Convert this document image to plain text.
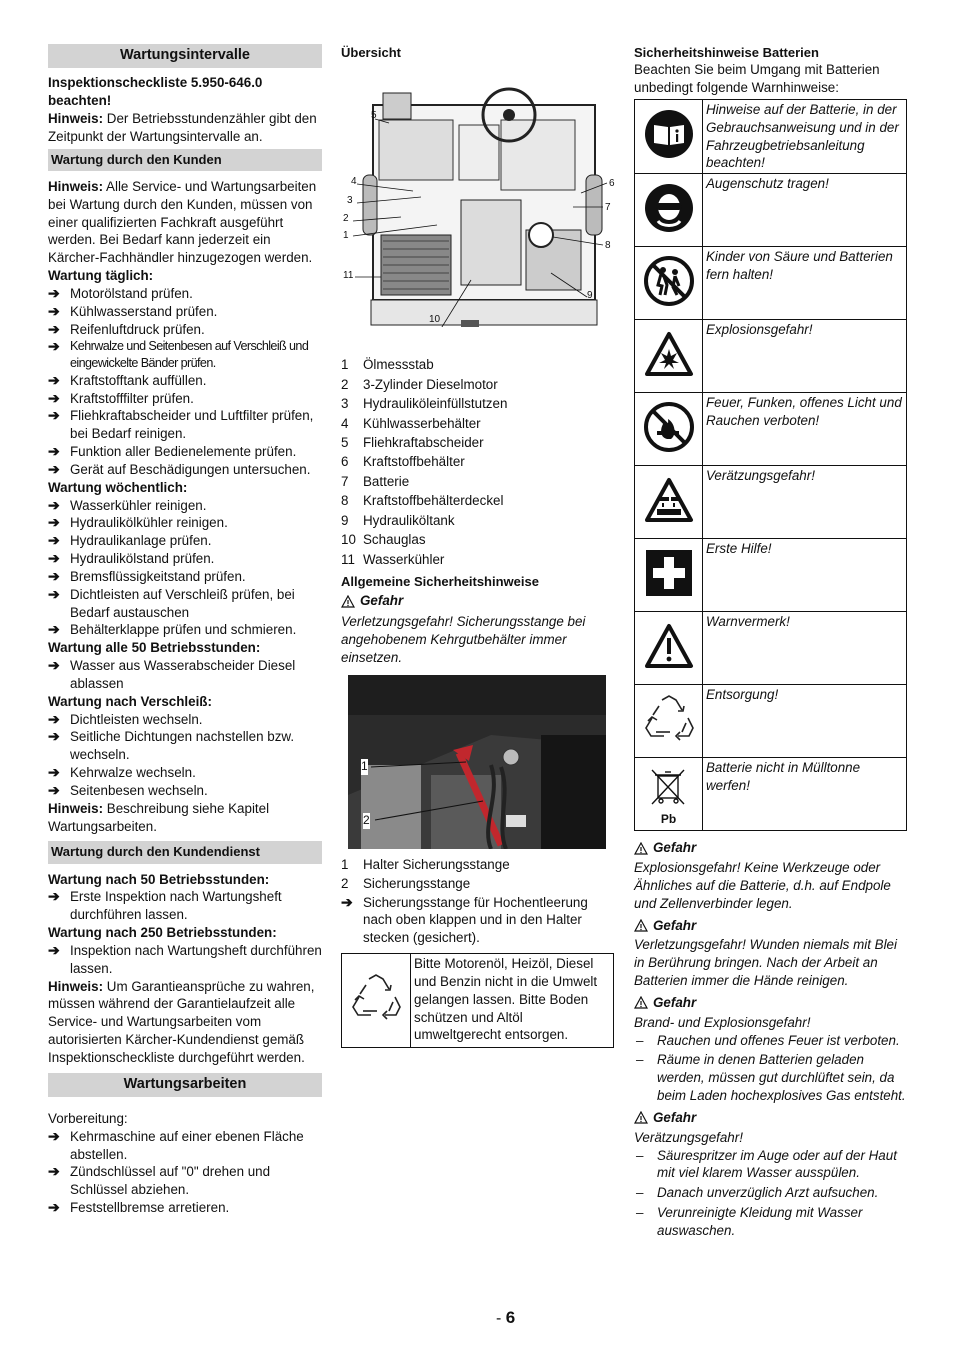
Wartungsintervalle

Inspektionscheckliste 5.950-646.0 beachten!

Hinweis: Der Betriebsstundenzähler gibt den Zeitpunkt der Wartungsintervalle an.

Wartung durch den Kunden

Hinweis: Alle Service- und Wartungsarbeiten bei Wartung durch den Kunden, müssen von einer qualifizierten Fachkraft ausgeführt werden. Bei Bedarf kann jederzeit ein Kärcher-Fachhändler hinzugezogen werden.

Wartung täglich:

➔ Motorölstand prüfen.
➔ Kühlwasserstand prüfen.
➔ Reifenluftdruck prüfen.
➔ Kehrwalze und Seitenbesen auf Verschleiß und eingewickelte Bänder prüfen.
➔ Kraftstofftank auffüllen.
➔ Kraftstofffilter prüfen.
➔ Fliehkraftabscheider und Luftfilter prüfen, bei Bedarf reinigen.
➔ Funktion aller Bedienelemente prüfen.
➔ Gerät auf Beschädigungen untersuchen.

Wartung wöchentlich:

➔ Wasserkühler reinigen.
➔ Hydraulikölkühler reinigen.
➔ Hydraulikanlage prüfen.
➔ Hydraulikölstand prüfen.
➔ Bremsflüssigkeitstand prüfen.
➔ Dichtleisten auf Verschleiß prüfen, bei Bedarf austauschen
➔ Behälterklappe prüfen und schmieren.

Wartung alle 50 Betriebsstunden:

➔ Wasser aus Wasserabscheider Diesel ablassen

Wartung nach Verschleiß:

➔ Dichtleisten wechseln.
➔ Seitliche Dichtungen nachstellen bzw. wechseln.
➔ Kehrwalze wechseln.
➔ Seitenbesen wechseln.

Hinweis: Beschreibung siehe Kapitel Wartungsarbeiten.

Wartung durch den Kundendienst

Wartung nach 50 Betriebsstunden:

➔ Erste Inspektion nach Wartungsheft durchführen lassen.

Wartung nach 250 Betriebsstunden:

➔ Inspektion nach Wartungsheft durchführen lassen.

Hinweis: Um Garantieansprüche zu wahren, müssen während der Garantielaufzeit alle Service- und Wartungsarbeiten vom autorisierten Kärcher-Kundendienst gemäß Inspektionscheckliste durchgeführt werden.

Wartungsarbeiten

Vorbereitung:

➔ Kehrmaschine auf einer ebenen Fläche abstellen.
➔ Zündschlüssel auf "0" drehen und Schlüssel abziehen.
➔ Feststellbremse arretieren.

Übersicht

5
4
3
2
1
11
10
9
8
7
6
1	Ölmessstab
2	3-Zylinder Dieselmotor
3	Hydrauliköleinfüllstutzen
4	Kühlwasserbehälter
5	Fliehkraftabscheider
6	Kraftstoffbehälter
7	Batterie
8	Kraftstoffbehälterdeckel
9	Hydrauliköltank
10 Schauglas
11 Wasserkühler

Allgemeine Sicherheitshinweise

Gefahr

Verletzungsgefahr! Sicherungsstange bei angehobenem Kehrgutbehälter immer einsetzen.

1
2
1	Halter Sicherungsstange
2	Sicherungsstange
➔ Sicherungsstange für Hochentleerung nach oben klappen und in den Halter stecken (gesichert).
	Bitte Motorenöl, Heizöl, Diesel und Benzin nicht in die Umwelt gelangen lassen. Bitte Boden schützen und Altöl umweltgerecht entsorgen.

Sicherheitshinweise Batterien

Beachten Sie beim Umgang mit Batterien unbedingt folgende Warnhinweise:

	Hinweise auf der Batterie, in der Gebrauchsanweisung und in der Fahrzeugbetriebsanleitung beachten!
	Augenschutz tragen!
	Kinder von Säure und Batterien fern halten!
	Explosionsgefahr!
	Feuer, Funken, offenes Licht und Rauchen verboten!
	Verätzungsgefahr!
	Erste Hilfe!
	Warnvermerk!
	Entsorgung!

Pb	Batterie nicht in Mülltonne werfen!
Gefahr

Explosionsgefahr! Keine Werkzeuge oder Ähnliches auf die Batterie, d.h. auf Endpole und Zellenverbinder legen.

Gefahr

Verletzungsgefahr! Wunden niemals mit Blei in Berührung bringen. Nach der Arbeit an Batterien immer die Hände reinigen.

Gefahr

Brand- und Explosionsgefahr!

–	Rauchen und offenes Feuer ist verboten.
–	Räume in denen Batterien geladen werden, müssen gut durchlüftet sein, da beim Laden hochexplosives Gas entsteht.
Gefahr

Verätzungsgefahr!

–	Säurespritzer im Auge oder auf der Haut mit viel klarem Wasser ausspülen.
–	Danach unverzüglich Arzt aufsuchen.
–	Verunreinigte Kleidung mit Wasser auswaschen.
- 6
